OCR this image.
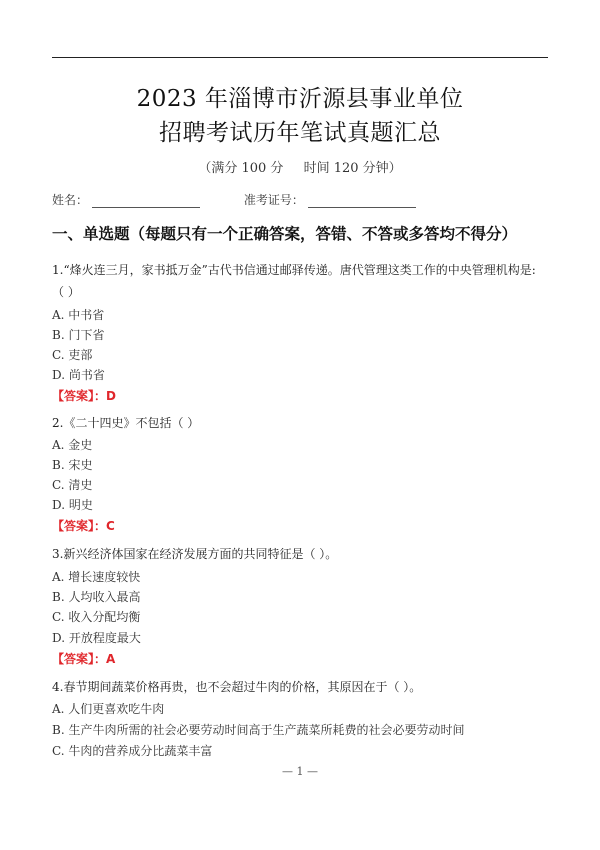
2023 年淄博市沂源县事业单位
招聘考试历年笔试真题汇总
（满分 100 分 时间 120 分钟）
姓名：	准考证号：
一、单选题（每题只有一个正确答案，答错、不答或多答均不得分）
1.“烽火连三月，家书抵万金”古代书信通过邮驿传递。唐代管理这类工作的中央管理机构是:
（ ）
A. 中书省
B. 门下省
C. 吏部
D. 尚书省
【答案】：D
2.《二十四史》不包括（ ）
A. 金史
B. 宋史
C. 清史
D. 明史
【答案】：C
3.新兴经济体国家在经济发展方面的共同特征是（ ）。
A. 增长速度较快
B. 人均收入最高
C. 收入分配均衡
D. 开放程度最大
【答案】：A
4.春节期间蔬菜价格再贵，也不会超过牛肉的价格，其原因在于（ ）。
A. 人们更喜欢吃牛肉
B. 生产牛肉所需的社会必要劳动时间高于生产蔬菜所耗费的社会必要劳动时间
C. 牛肉的营养成分比蔬菜丰富
— 1 —
